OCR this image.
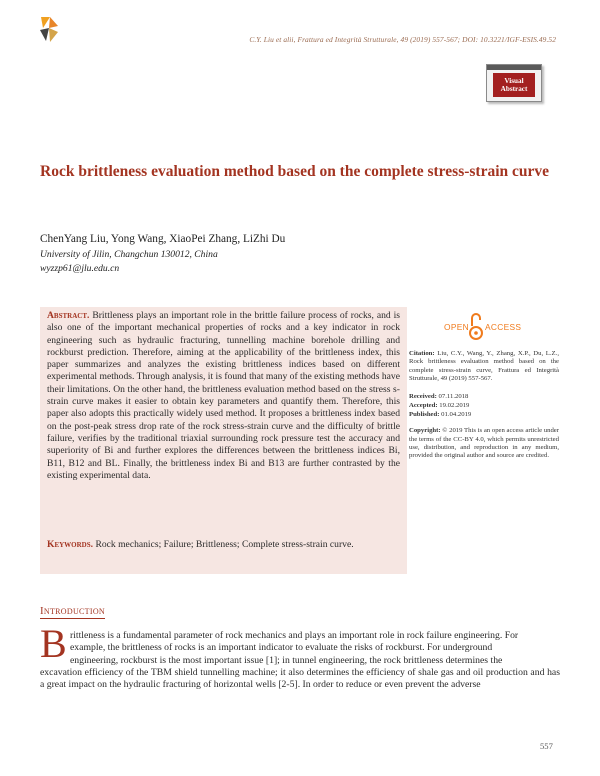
C.Y. Liu et alii, Frattura ed Integrità Strutturale, 49 (2019) 557-567; DOI: 10.3221/IGF-ESIS.49.52
Visual
Abstract
Rock brittleness evaluation method based on the complete stress-strain curve
ChenYang Liu, Yong Wang, XiaoPei Zhang, LiZhi Du
University of Jilin, Changchun 130012, China
wyzzp61@jlu.edu.cn
Abstract. Brittleness plays an important role in the brittle failure process of rocks, and is also one of the important mechanical properties of rocks and a key indicator in rock engineering such as hydraulic fracturing, tunnelling machine borehole drilling and rockburst prediction. Therefore, aiming at the applicability of the brittleness index, this paper summarizes and analyzes the existing brittleness indices based on different experimental methods. Through analysis, it is found that many of the existing methods have their limitations. On the other hand, the brittleness evaluation method based on the stress s-strain curve makes it easier to obtain key parameters and quantify them. Therefore, this paper also adopts this practically widely used method. It proposes a brittleness index based on the post-peak stress drop rate of the rock stress-strain curve and the difficulty of brittle failure, verifies by the traditional triaxial surrounding rock pressure test the accuracy and superiority of Bi and further explores the differences between the brittleness indices Bi, B11, B12 and BL. Finally, the brittleness index Bi and B13 are further contrasted by the existing experimental data.
Keywords. Rock mechanics; Failure; Brittleness; Complete stress-strain curve.
OPEN ACCESS

Citation: Liu, C.Y., Wang, Y., Zhang, X.P., Du, L.Z., Rock brittleness evaluation method based on the complete stress-strain curve, Frattura ed Integrità Strutturale, 49 (2019) 557-567.

Received: 07.11.2018
Accepted: 19.02.2019
Published: 01.04.2019

Copyright: © 2019 This is an open access article under the terms of the CC-BY 4.0, which permits unrestricted use, distribution, and reproduction in any medium, provided the original author and source are credited.

Introduction
B rittleness is a fundamental parameter of rock mechanics and plays an important role in rock failure engineering. For
example, the brittleness of rocks is an important indicator to evaluate the risks of rockburst. For underground
engineering, rockburst is the most important issue [1]; in tunnel engineering, the rock brittleness determines the
excavation efficiency of the TBM shield tunnelling machine; it also determines the efficiency of shale gas and oil production and has a great impact on the hydraulic fracturing of horizontal wells [2-5]. In order to reduce or even prevent the adverse
557
